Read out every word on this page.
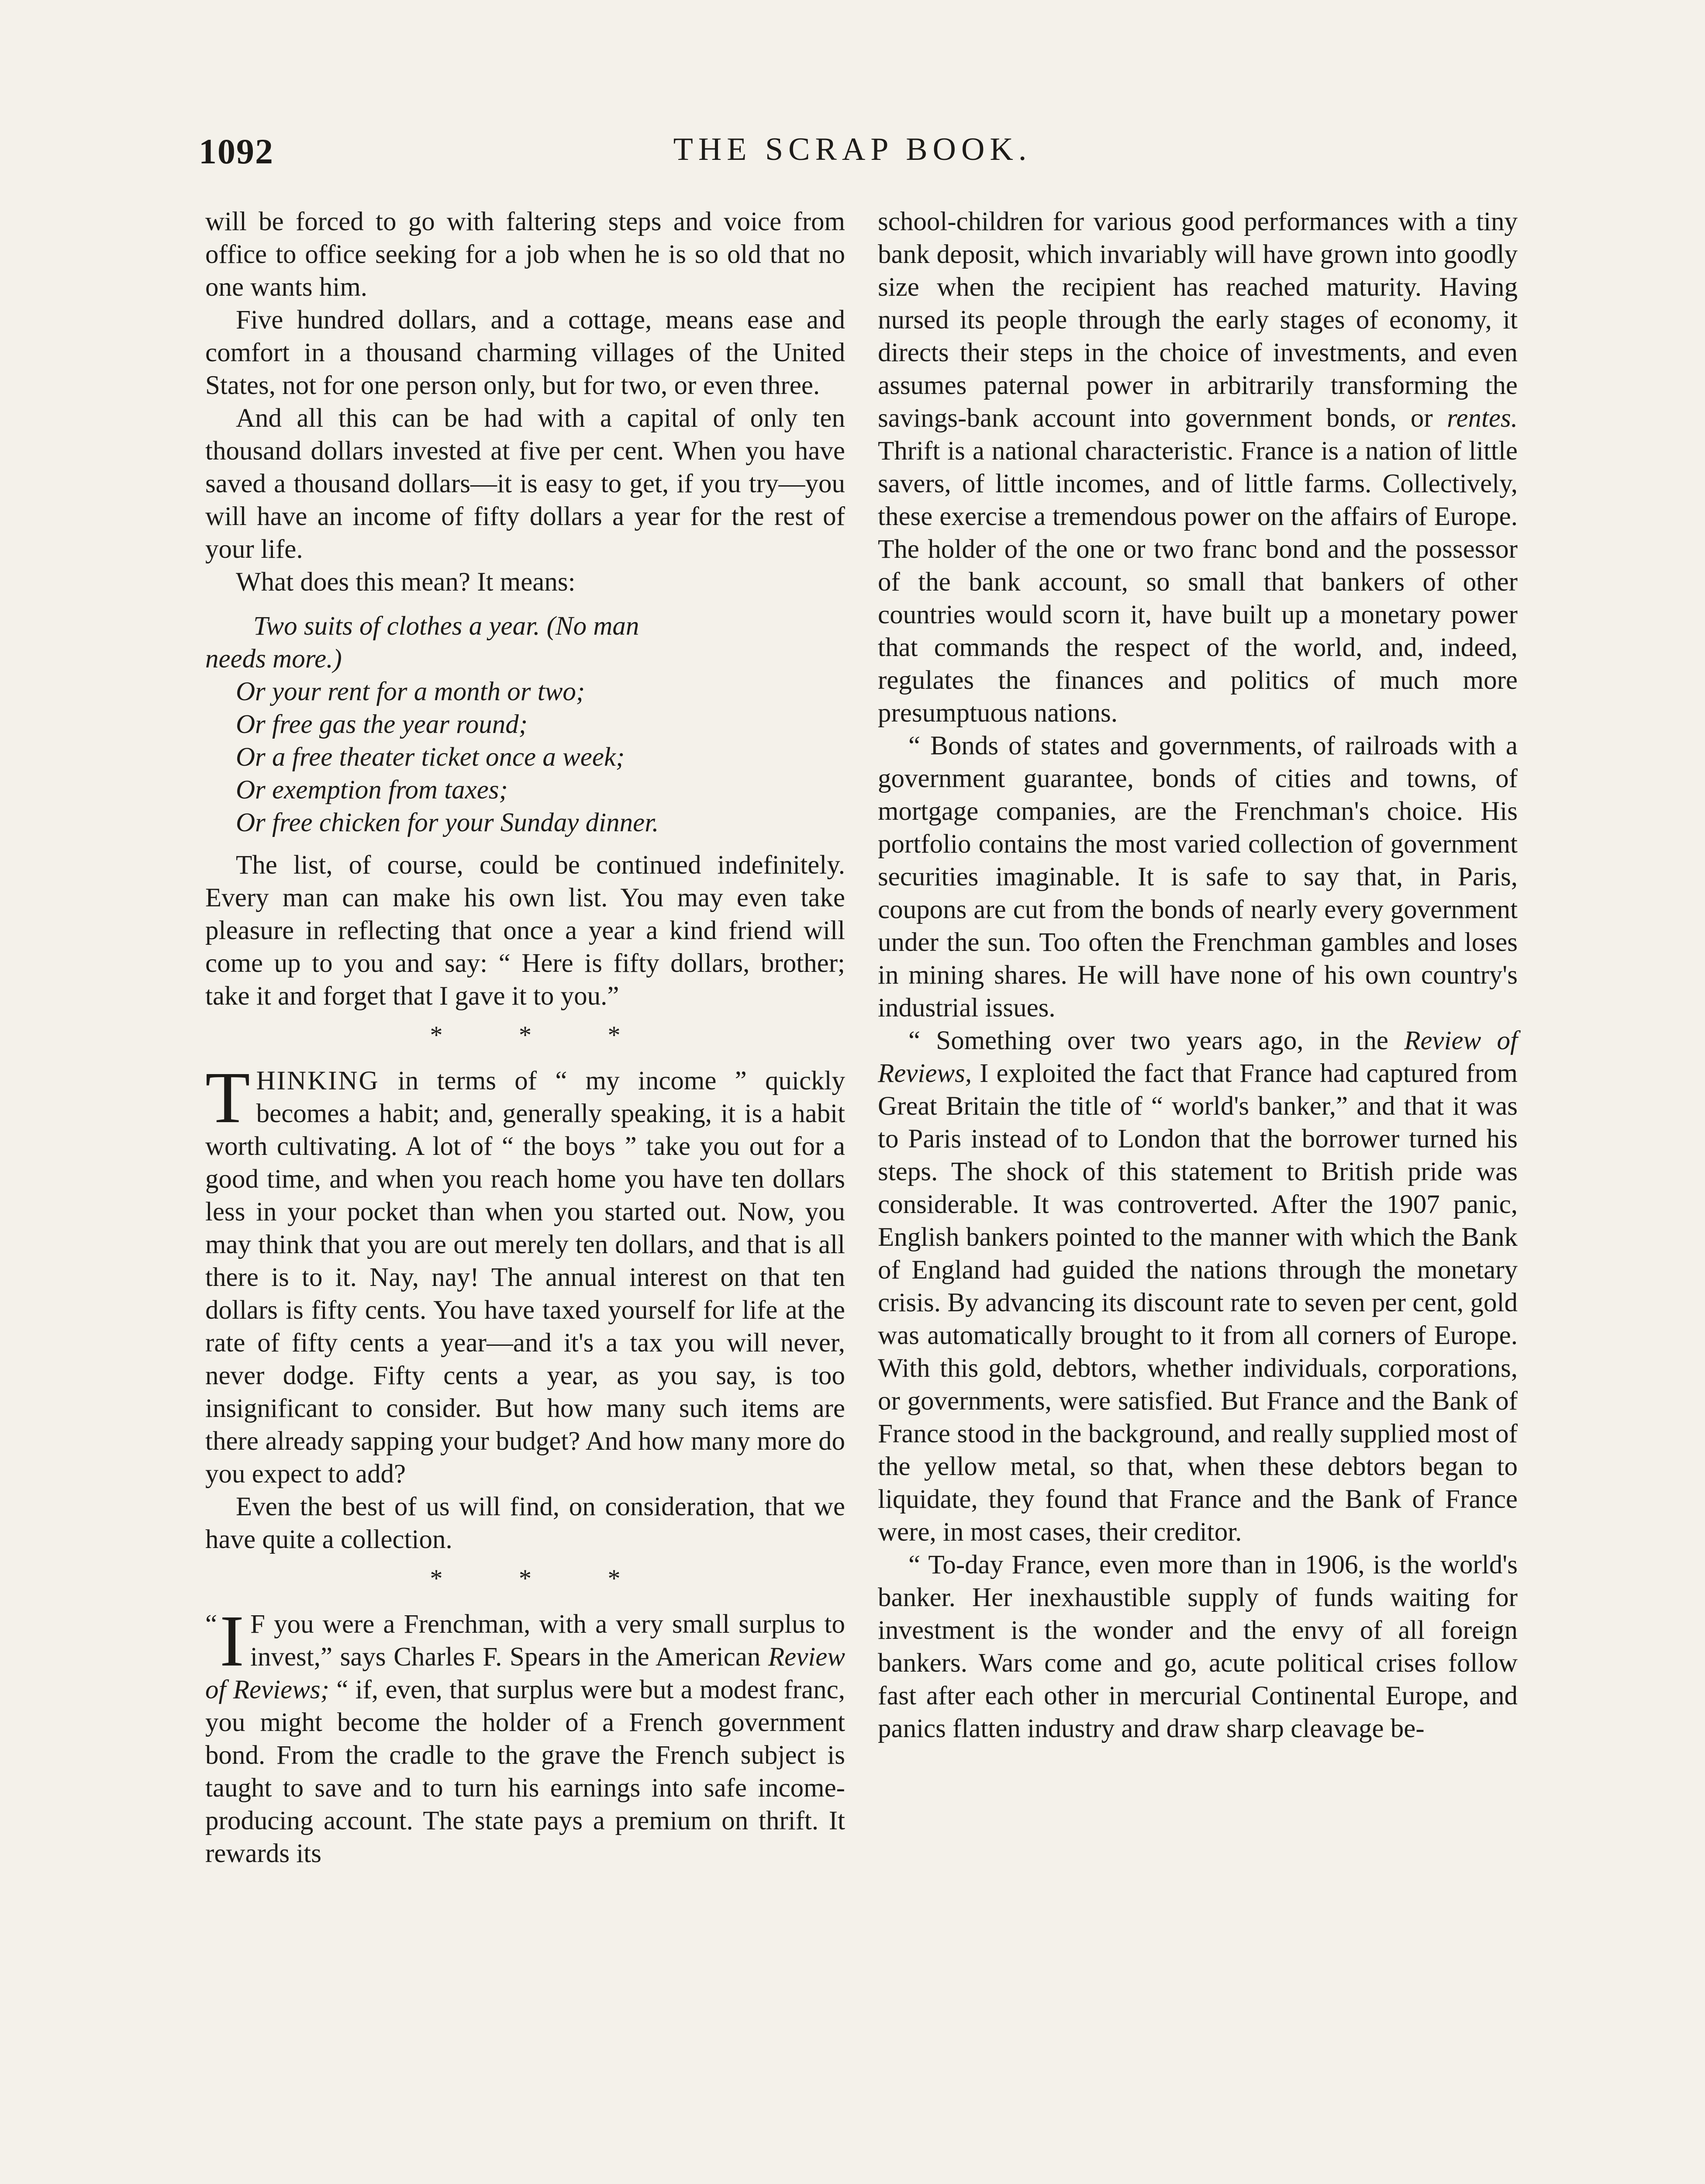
1092	THE SCRAP BOOK.

will be forced to go with faltering steps and voice from office to office seeking for a job when he is so old that no one wants him.

Five hundred dollars, and a cottage, means ease and comfort in a thousand charming villages of the United States, not for one person only, but for two, or even three.

And all this can be had with a capital of only ten thousand dollars invested at five per cent. When you have saved a thousand dollars—it is easy to get, if you try—you will have an income of fifty dollars a year for the rest of your life.

What does this mean? It means:

Two suits of clothes a year. (No man

needs more.)

Or your rent for a month or two;

Or free gas the year round;

Or a free theater ticket once a week;

Or exemption from taxes;

Or free chicken for your Sunday dinner.

The list, of course, could be continued indefinitely. Every man can make his own list. You may even take pleasure in reflecting that once a year a kind friend will come up to you and say: “ Here is fifty dollars, brother; take it and forget that I gave it to you.”

* * *

THINKING in terms of “ my income ” quickly becomes a habit; and, generally speaking, it is a habit worth cultivating. A lot of “ the boys ” take you out for a good time, and when you reach home you have ten dollars less in your pocket than when you started out. Now, you may think that you are out merely ten dollars, and that is all there is to it. Nay, nay! The annual interest on that ten dollars is fifty cents. You have taxed yourself for life at the rate of fifty cents a year—and it's a tax you will never, never dodge. Fifty cents a year, as you say, is too insignificant to consider. But how many such items are there already sapping your budget? And how many more do you expect to add?

Even the best of us will find, on consideration, that we have quite a collection.

* * *

“ I F you were a Frenchman, with a very small surplus to invest,” says Charles F. Spears in the American Review of Reviews; “ if, even, that surplus were but a modest franc, you might become the holder of a French government bond. From the cradle to the grave the French subject is taught to save and to turn his earnings into safe income-producing account. The state pays a premium on thrift. It rewards its

school-children for various good performances with a tiny bank deposit, which invariably will have grown into goodly size when the recipient has reached maturity. Having nursed its people through the early stages of economy, it directs their steps in the choice of investments, and even assumes paternal power in arbitrarily transforming the savings-bank account into government bonds, or rentes. Thrift is a national characteristic. France is a nation of little savers, of little incomes, and of little farms. Collectively, these exercise a tremendous power on the affairs of Europe. The holder of the one or two franc bond and the possessor of the bank account, so small that bankers of other countries would scorn it, have built up a monetary power that commands the respect of the world, and, indeed, regulates the finances and politics of much more presumptuous nations.

“ Bonds of states and governments, of railroads with a government guarantee, bonds of cities and towns, of mortgage companies, are the Frenchman's choice. His portfolio contains the most varied collection of government securities imaginable. It is safe to say that, in Paris, coupons are cut from the bonds of nearly every government under the sun. Too often the Frenchman gambles and loses in mining shares. He will have none of his own country's industrial issues.

“ Something over two years ago, in the Review of Reviews, I exploited the fact that France had captured from Great Britain the title of “ world's banker,” and that it was to Paris instead of to London that the borrower turned his steps. The shock of this statement to British pride was considerable. It was controverted. After the 1907 panic, English bankers pointed to the manner with which the Bank of England had guided the nations through the monetary crisis. By advancing its discount rate to seven per cent, gold was automatically brought to it from all corners of Europe. With this gold, debtors, whether individuals, corporations, or governments, were satisfied. But France and the Bank of France stood in the background, and really supplied most of the yellow metal, so that, when these debtors began to liquidate, they found that France and the Bank of France were, in most cases, their creditor.

“ To-day France, even more than in 1906, is the world's banker. Her inexhaustible supply of funds waiting for investment is the wonder and the envy of all foreign bankers. Wars come and go, acute political crises follow fast after each other in mercurial Continental Europe, and panics flatten industry and draw sharp cleavage be-
